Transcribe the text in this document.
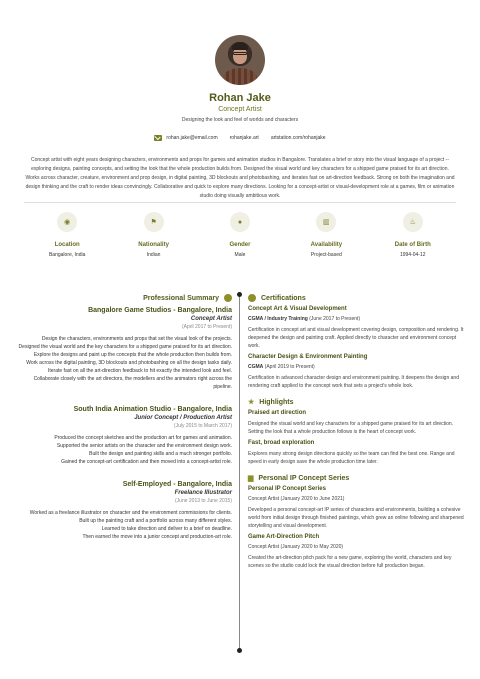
Rohan Jake
Concept Artist
Designing the look and feel of worlds and characters
rohan.jake@email.com rohanjake.art artstation.com/rohanjake

Concept artist with eight years designing characters, environments and props for games and animation studios in Bangalore. Translates a brief or story into the visual language of a project -- exploring designs, painting concepts, and setting the look that the whole production builds from. Designed the visual world and key characters for a shipped game praised for its art direction. Works across character, creature, environment and prop design, in digital painting, 3D blockouts and photobashing, and iterates fast on art-direction feedback. Strong on both the imagination and design thinking and the craft to render ideas convincingly. Collaborative and quick to explore many directions. Looking for a concept-artist or visual-development role at a games, film or animation studio doing visually ambitious work.

◉
Location
Bangalore, India
⚑
Nationality
Indian
●
Gender
Male
▥
Availability
Project-based
♨
Date of Birth
1994-04-12
Professional Summary
Bangalore Game Studios - Bangalore, India
Concept Artist
(April 2017 to Present)
Design the characters, environments and props that set the visual look of the projects.
Designed the visual world and the key characters for a shipped game praised for its art direction.
Explore the designs and paint up the concepts that the whole production then builds from.
Work across the digital painting, 3D blockouts and photobashing on all the design tasks daily.
Iterate fast on all the art-direction feedback to hit exactly the intended look and feel.
Collaborate closely with the art directors, the modellers and the animators right across the pipeline.
South India Animation Studio - Bangalore, India
Junior Concept / Production Artist
(July 2015 to March 2017)
Produced the concept sketches and the production art for games and animation.
Supported the senior artists on the character and the environment design work.
Built the design and painting skills and a much stronger portfolio.
Gained the concept-art certification and then moved into a concept-artist role.
Self-Employed - Bangalore, India
Freelance Illustrator
(June 2013 to June 2015)
Worked as a freelance illustrator on character and the environment commissions for clients.
Built up the painting craft and a portfolio across many different styles.
Learned to take direction and deliver to a brief on deadline.
Then earned the move into a junior concept and production-art role.
Certifications
Concept Art & Visual Development
CGMA / Industry Training (June 2017 to Present)
Certification in concept art and visual development covering design, composition and rendering. It deepened the design and painting craft. Applied directly to character and environment concept work.
Character Design & Environment Painting
CGMA (April 2019 to Present)
Certification in advanced character design and environment painting. It deepens the design and rendering craft applied to the concept work that sets a project's whole look.
★ Highlights
Praised art direction
Designed the visual world and key characters for a shipped game praised for its art direction. Setting the look that a whole production follows is the heart of concept work.
Fast, broad exploration
Explores many strong design directions quickly so the team can find the best one. Range and speed in early design save the whole production time later.
▆ Personal IP Concept Series
Personal IP Concept Series
Concept Artist (January 2020 to June 2021)
Developed a personal concept-art IP series of characters and environments, building a cohesive world from initial design through finished paintings, which grew an online following and sharpened storytelling and visual development.
Game Art-Direction Pitch
Concept Artist (January 2020 to May 2020)
Created the art-direction pitch pack for a new game, exploring the world, characters and key scenes so the studio could lock the visual direction before full production began.
